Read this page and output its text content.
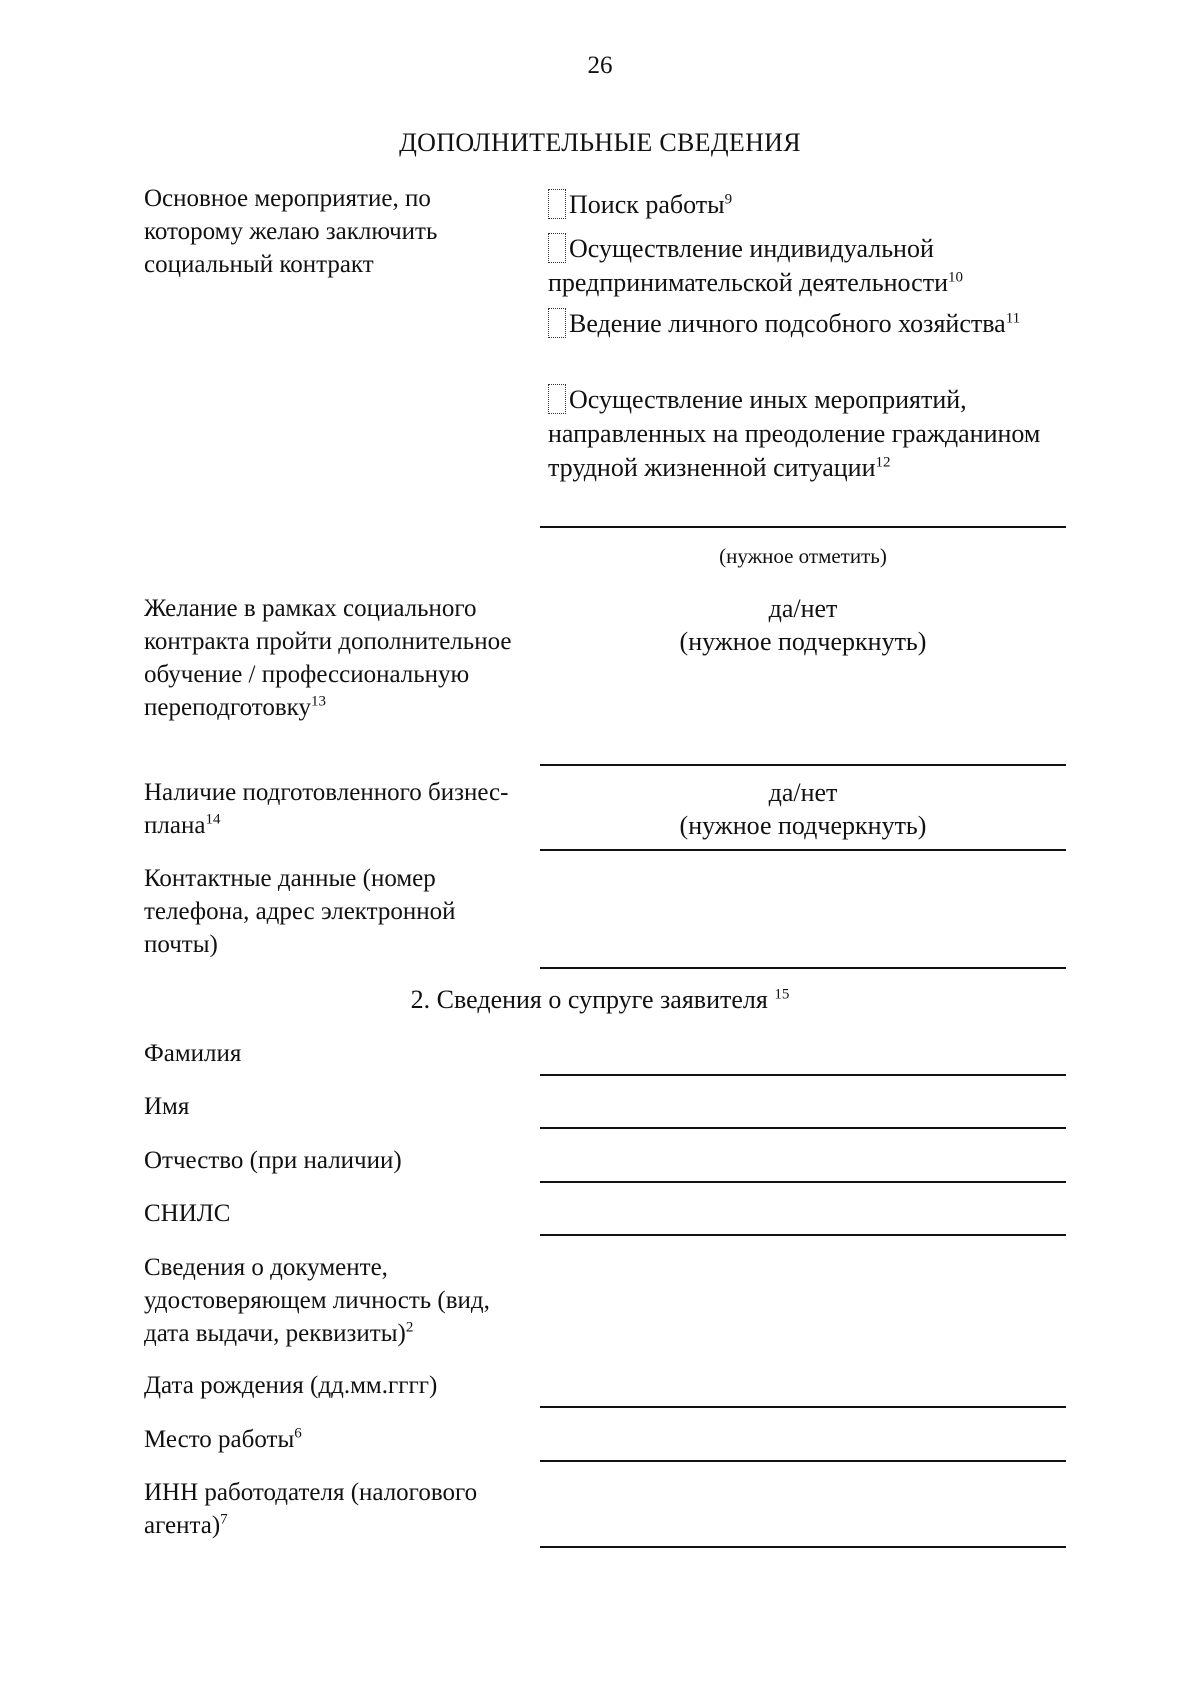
26
ДОПОЛНИТЕЛЬНЫЕ СВЕДЕНИЯ
Основное мероприятие, по которому желаю заключить социальный контракт
Поиск работы$^9$
Осуществление индивидуальной предпринимательской деятельности$^{10}$
Ведение личного подсобного хозяйства$^{11}$
Осуществление иных мероприятий, направленных на преодоление гражданином трудной жизненной ситуации$^{12}$
(нужное отметить)
Желание в рамках социального контракта пройти дополнительное обучение / профессиональную переподготовку$^{13}$
да/нет
(нужное подчеркнуть)
Наличие подготовленного бизнес-плана$^{14}$
да/нет
(нужное подчеркнуть)
Контактные данные (номер телефона, адрес электронной почты)
2. Сведения о супруге заявителя $^{15}$
Фамилия
Имя
Отчество (при наличии)
СНИЛС
Сведения о документе, удостоверяющем личность (вид, дата выдачи, реквизиты)$^2$
Дата рождения (дд.мм.гггг)
Место работы$^6$
ИНН работодателя (налогового агента)$^7$
